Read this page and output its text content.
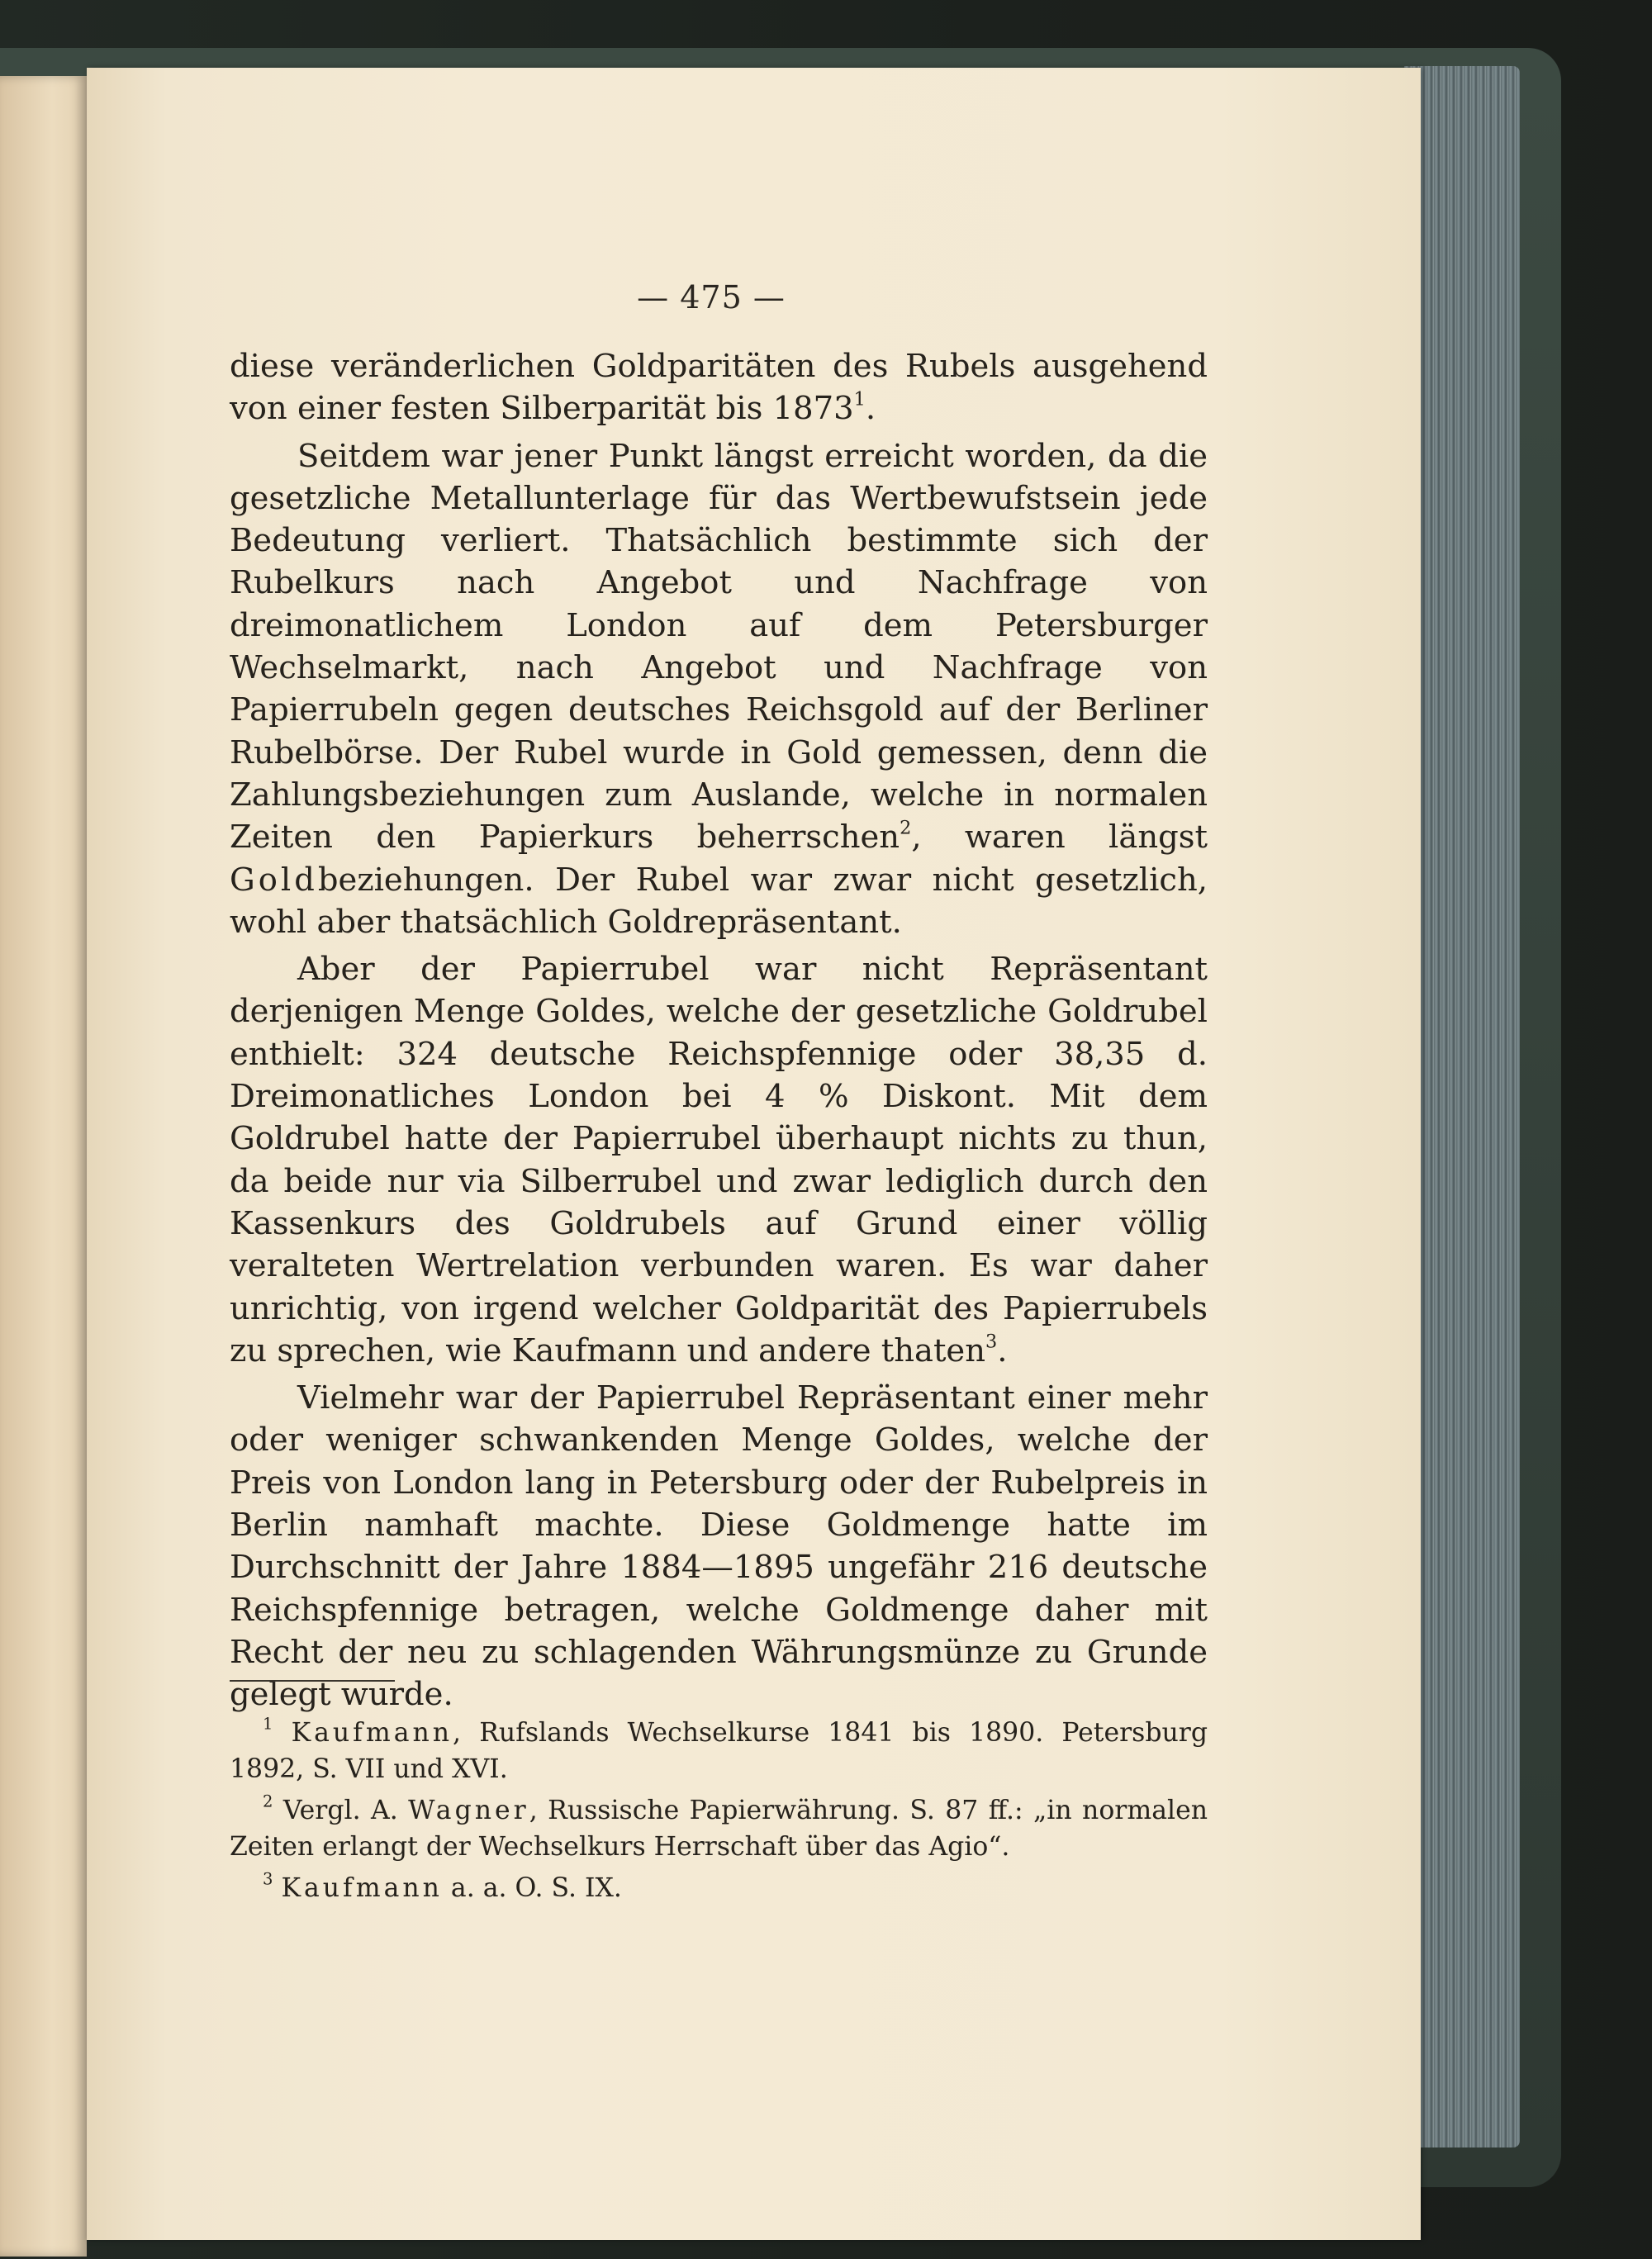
— 475 —

diese veränderlichen Goldparitäten des Rubels ausgehend von einer festen Silberparität bis 1873$^1$.

Seitdem war jener Punkt längst erreicht worden, da die gesetzliche Metallunterlage für das Wertbewufstsein jede Bedeutung verliert. Thatsächlich bestimmte sich der Rubelkurs nach Angebot und Nachfrage von dreimonatlichem London auf dem Petersburger Wechselmarkt, nach Angebot und Nachfrage von Papierrubeln gegen deutsches Reichsgold auf der Berliner Rubelbörse. Der Rubel wurde in Gold gemessen, denn die Zahlungsbeziehungen zum Auslande, welche in normalen Zeiten den Papierkurs beherrschen$^2$, waren längst Goldbeziehungen. Der Rubel war zwar nicht gesetzlich, wohl aber thatsächlich Goldrepräsentant.

Aber der Papierrubel war nicht Repräsentant derjenigen Menge Goldes, welche der gesetzliche Goldrubel enthielt: 324 deutsche Reichspfennige oder 38,35 d. Dreimonatliches London bei 4 % Diskont. Mit dem Goldrubel hatte der Papierrubel überhaupt nichts zu thun, da beide nur via Silberrubel und zwar lediglich durch den Kassenkurs des Goldrubels auf Grund einer völlig veralteten Wertrelation verbunden waren. Es war daher unrichtig, von irgend welcher Goldparität des Papierrubels zu sprechen, wie Kaufmann und andere thaten$^3$.

Vielmehr war der Papierrubel Repräsentant einer mehr oder weniger schwankenden Menge Goldes, welche der Preis von London lang in Petersburg oder der Rubelpreis in Berlin namhaft machte. Diese Goldmenge hatte im Durchschnitt der Jahre 1884—1895 ungefähr 216 deutsche Reichspfennige betragen, welche Goldmenge daher mit Recht der neu zu schlagenden Währungsmünze zu Grunde gelegt wurde.

$^1$ Kaufmann, Rufslands Wechselkurse 1841 bis 1890. Petersburg 1892, S. VII und XVI.

$^2$ Vergl. A. Wagner, Russische Papierwährung. S. 87 ff.: „in normalen Zeiten erlangt der Wechselkurs Herrschaft über das Agio“.

$^3$ Kaufmann a. a. O. S. IX.
